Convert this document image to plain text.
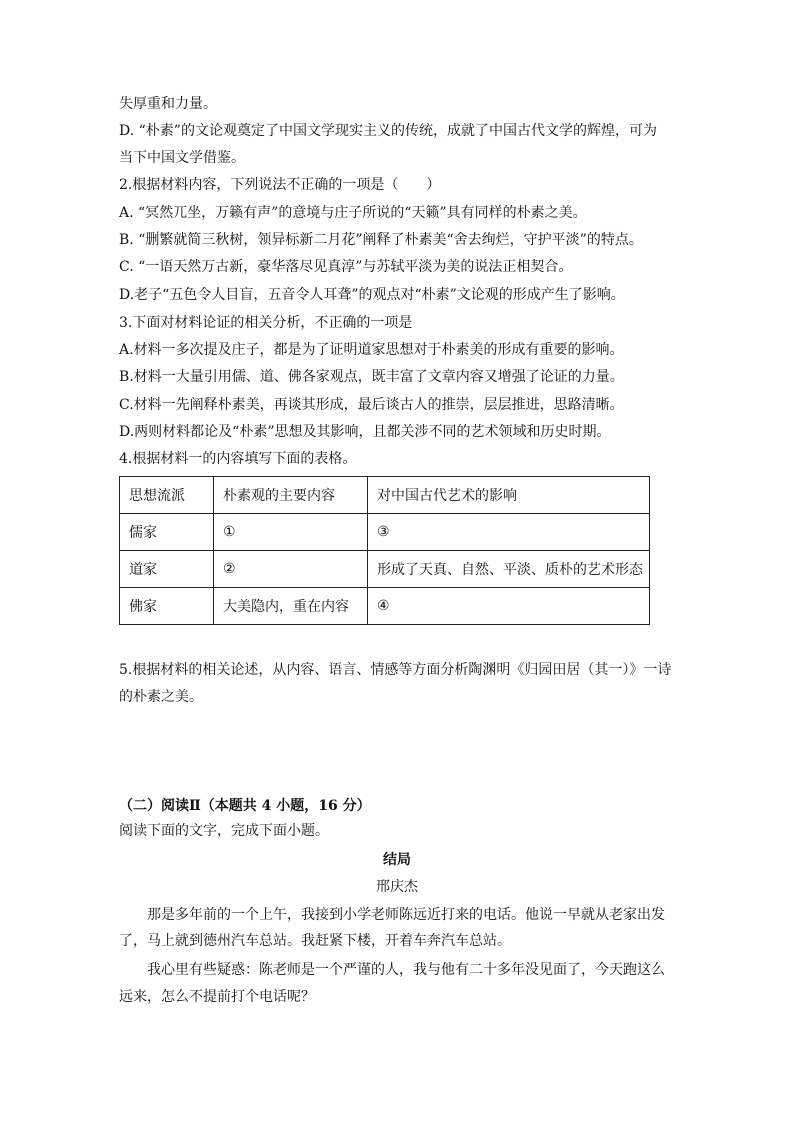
失厚重和力量。
D. “朴素”的文论观奠定了中国文学现实主义的传统，成就了中国古代文学的辉煌，可为
当下中国文学借鉴。
2.根据材料内容，下列说法不正确的一项是（　　）
A. “冥然兀坐，万籁有声”的意境与庄子所说的“天籁”具有同样的朴素之美。
B. “删繁就简三秋树，领异标新二月花”阐释了朴素美“舍去绚烂，守护平淡”的特点。
C. “一语天然万古新，豪华落尽见真淳”与苏轼平淡为美的说法正相契合。
D.老子“五色令人目盲，五音令人耳聋”的观点对“朴素”文论观的形成产生了影响。
3.下面对材料论证的相关分析，不正确的一项是
A.材料一多次提及庄子，都是为了证明道家思想对于朴素美的形成有重要的影响。
B.材料一大量引用儒、道、佛各家观点，既丰富了文章内容又增强了论证的力量。
C.材料一先阐释朴素美，再谈其形成，最后谈古人的推崇，层层推进，思路清晰。
D.两则材料都论及“朴素”思想及其影响，且都关涉不同的艺术领域和历史时期。
4.根据材料一的内容填写下面的表格。
思想流派	朴素观的主要内容	对中国古代艺术的影响
儒家	①	③
道家	②	形成了天真、自然、平淡、质朴的艺术形态
佛家	大美隐内，重在内容	④
5.根据材料的相关论述，从内容、语言、情感等方面分析陶渊明《归园田居（其一）》一诗
的朴素之美。
（二）阅读Ⅱ（本题共 4 小题，16 分）
阅读下面的文字，完成下面小题。
结局
邢庆杰
那是多年前的一个上午，我接到小学老师陈远近打来的电话。他说一早就从老家出发
了，马上就到德州汽车总站。我赶紧下楼，开着车奔汽车总站。
我心里有些疑惑：陈老师是一个严谨的人，我与他有二十多年没见面了，今天跑这么
远来，怎么不提前打个电话呢？
